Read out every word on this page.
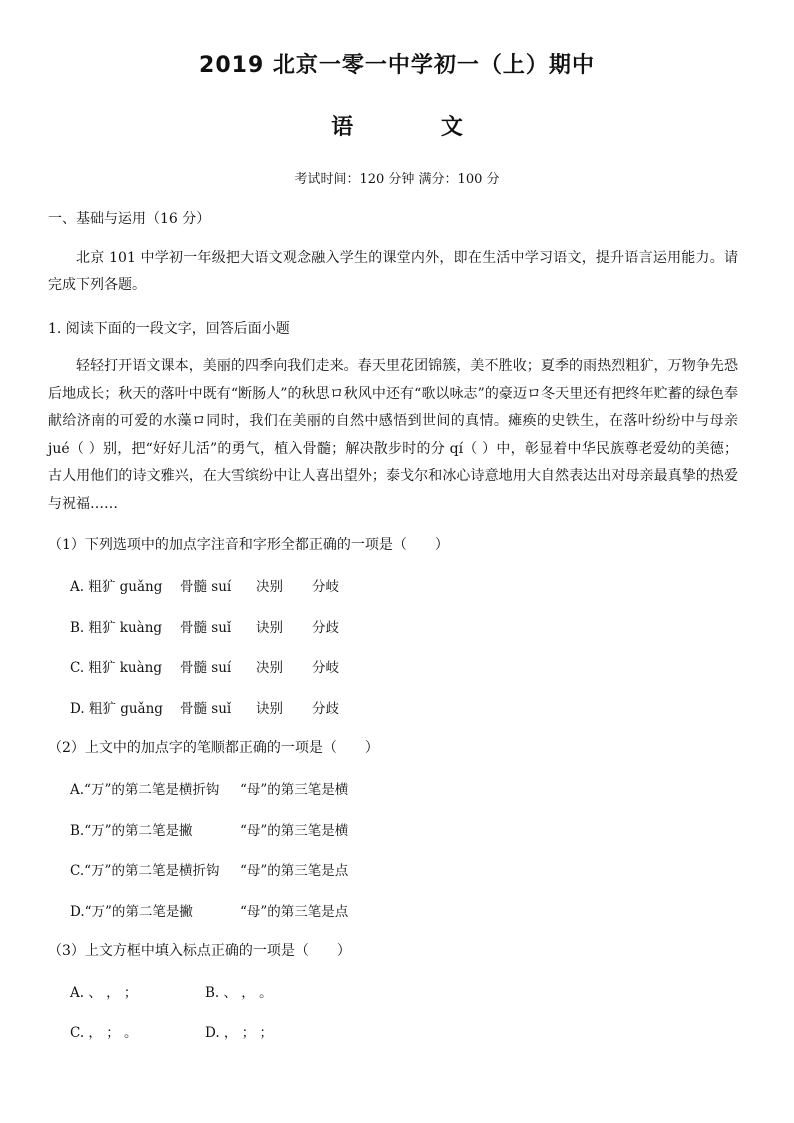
2019 北京一零一中学初一（上）期中
语 文
考试时间：120 分钟 满分：100 分
一、基础与运用（16 分）
北京 101 中学初一年级把大语文观念融入学生的课堂内外，即在生活中学习语文，提升语言运用能力。请完成下列各题。
1. 阅读下面的一段文字，回答后面小题
轻轻打开语文课本，美丽的四季向我们走来。春天里花团锦簇，美不胜收；夏季的雨热烈粗犷，万物争先恐后地成长；秋天的落叶中既有“断肠人”的秋思ロ秋风中还有“歌以咏志”的豪迈ロ冬天里还有把终年贮蓄的绿色奉献给济南的可爱的水藻ロ同时，我们在美丽的自然中感悟到世间的真情。瘫痪的史铁生，在落叶纷纷中与母亲 jué（ ）别，把“好好儿活”的勇气，植入骨髓；解决散步时的分 qí（ ）中，彰显着中华民族尊老爱幼的美德；古人用他们的诗文雅兴，在大雪缤纷中让人喜出望外；泰戈尔和冰心诗意地用大自然表达出对母亲最真挚的热爱与祝福……
（1）下列选项中的加点字注音和字形全都正确的一项是（　　）
A. 粗犷 guǎng 骨髓 suí 决别 分岐
B. 粗犷 kuàng 骨髓 suǐ 诀别 分歧
C. 粗犷 kuàng 骨髓 suí 决别 分岐
D. 粗犷 guǎng 骨髓 suǐ 诀别 分歧
（2）上文中的加点字的笔顺都正确的一项是（　　）
A.“万”的第二笔是横折钩 “母”的第三笔是横
B.“万”的第二笔是撇	“母”的第三笔是横
C.“万”的第二笔是横折钩 “母”的第三笔是点
D.“万”的第二笔是撇	“母”的第三笔是点
（3）上文方框中填入标点正确的一项是（　　）
A. 、 ， ；	B. 、 ， 。
C. ， ； 。	D. ， ； ；
